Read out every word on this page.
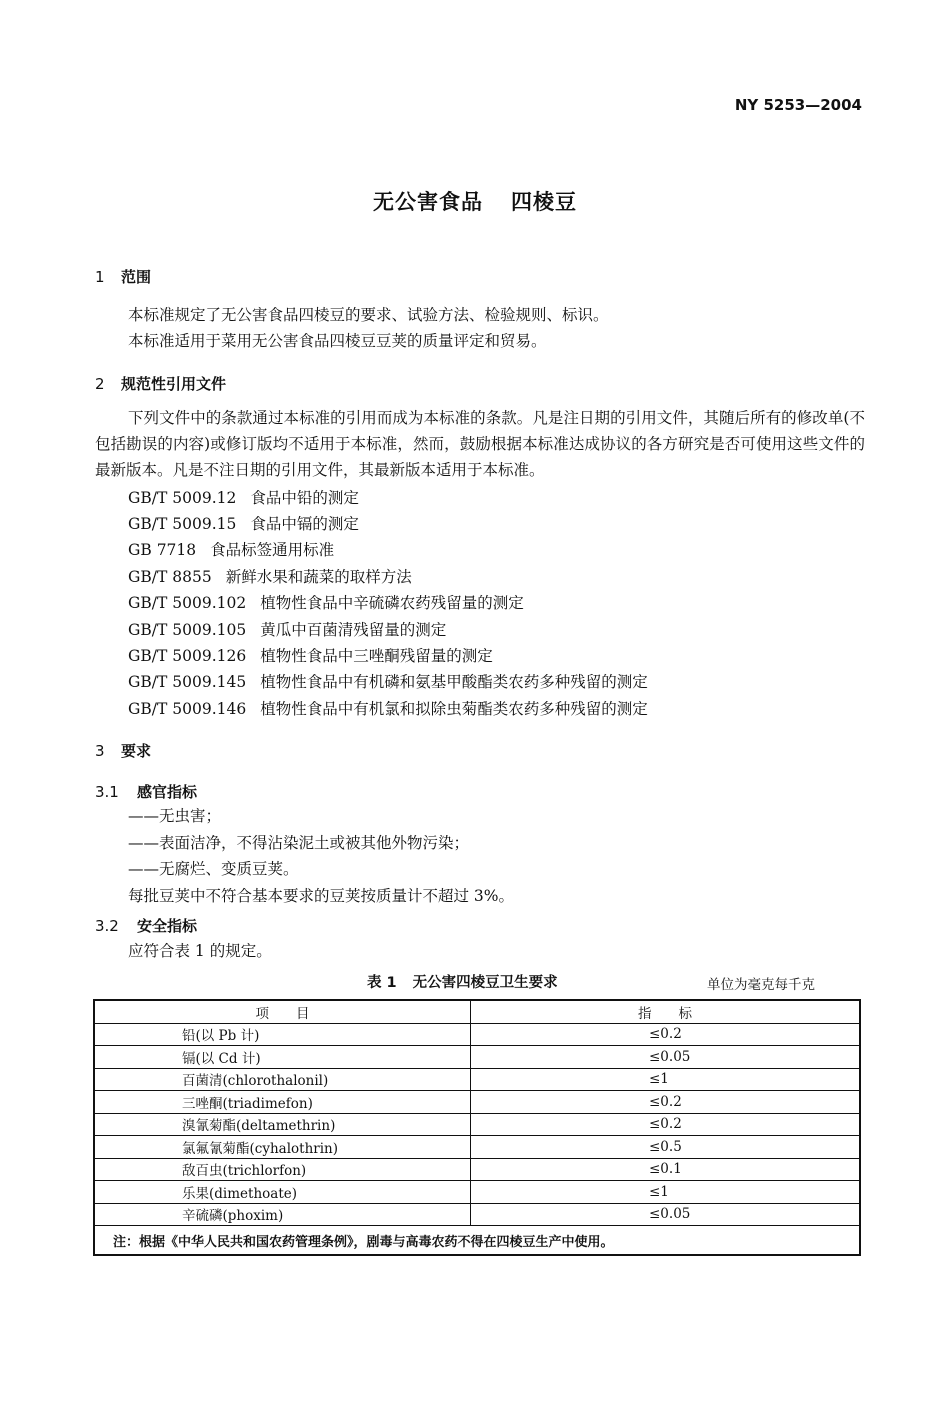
NY 5253—2004
无公害食品 四棱豆
1 范围
本标准规定了无公害食品四棱豆的要求、试验方法、检验规则、标识。
本标准适用于菜用无公害食品四棱豆豆荚的质量评定和贸易。
2 规范性引用文件
下列文件中的条款通过本标准的引用而成为本标准的条款。凡是注日期的引用文件，其随后所有的修改单(不包括勘误的内容)或修订版均不适用于本标准，然而，鼓励根据本标准达成协议的各方研究是否可使用这些文件的最新版本。凡是不注日期的引用文件，其最新版本适用于本标准。
GB/T 5009.12 食品中铅的测定
GB/T 5009.15 食品中镉的测定
GB 7718 食品标签通用标准
GB/T 8855 新鲜水果和蔬菜的取样方法
GB/T 5009.102 植物性食品中辛硫磷农药残留量的测定
GB/T 5009.105 黄瓜中百菌清残留量的测定
GB/T 5009.126 植物性食品中三唑酮残留量的测定
GB/T 5009.145 植物性食品中有机磷和氨基甲酸酯类农药多种残留的测定
GB/T 5009.146 植物性食品中有机氯和拟除虫菊酯类农药多种残留的测定
3 要求
3.1 感官指标
——无虫害；
——表面洁净，不得沾染泥土或被其他外物污染；
——无腐烂、变质豆荚。
每批豆荚中不符合基本要求的豆荚按质量计不超过 3%。
3.2 安全指标
应符合表 1 的规定。
表 1 无公害四棱豆卫生要求	单位为毫克每千克
项　　目	指　　标
铅(以 Pb 计)	≤0.2
镉(以 Cd 计)	≤0.05
百菌清(chlorothalonil)	≤1
三唑酮(triadimefon)	≤0.2
溴氰菊酯(deltamethrin)	≤0.2
氯氟氰菊酯(cyhalothrin)	≤0.5
敌百虫(trichlorfon)	≤0.1
乐果(dimethoate)	≤1
辛硫磷(phoxim)	≤0.05
注：根据《中华人民共和国农药管理条例》，剧毒与高毒农药不得在四棱豆生产中使用。	
